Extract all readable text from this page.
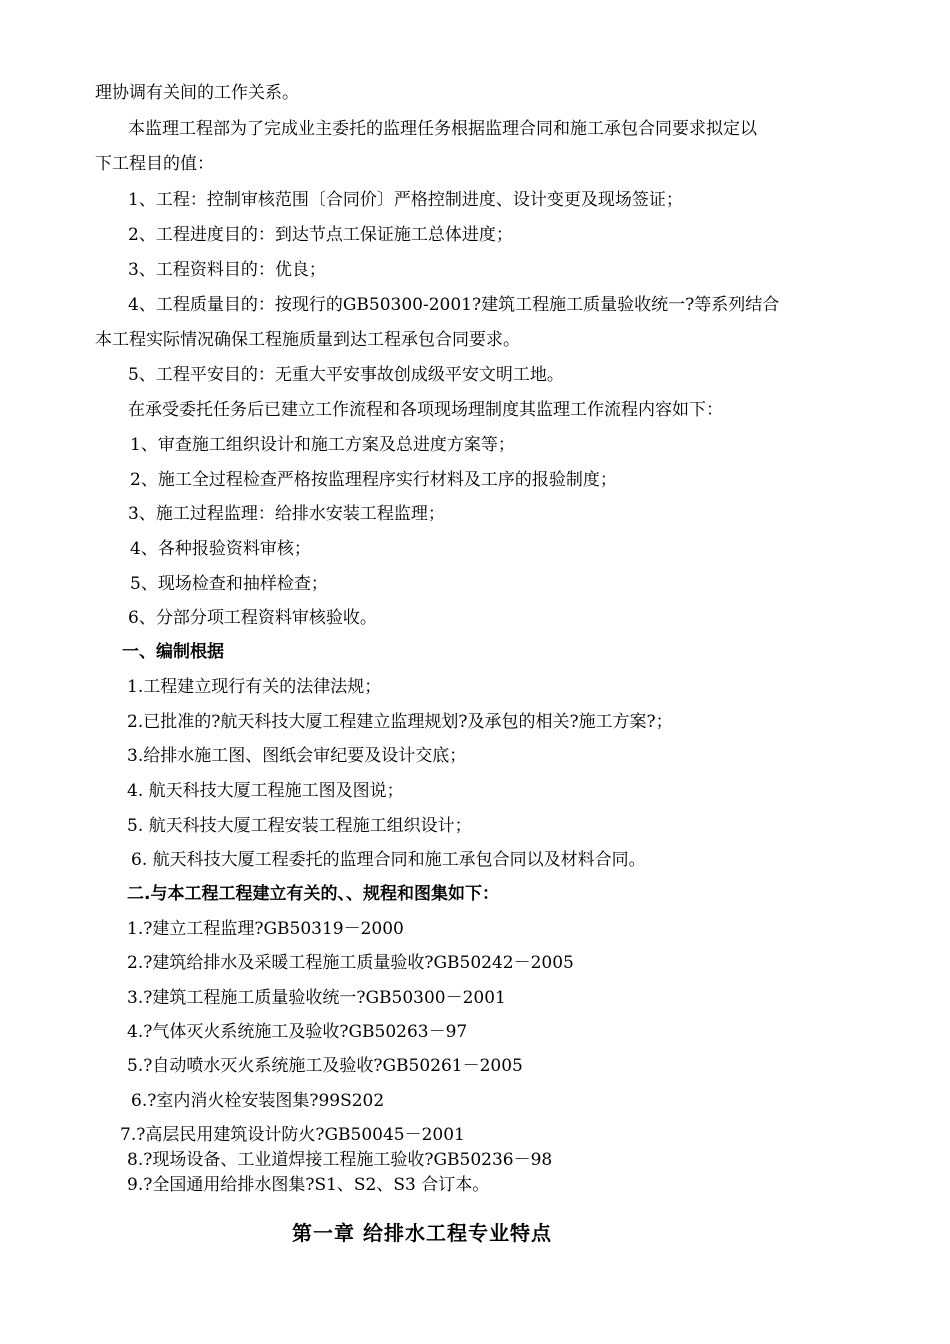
理协调有关间的工作关系。
本监理工程部为了完成业主委托的监理任务根据监理合同和施工承包合同要求拟定以
下工程目的值：
1、工程：控制审核范围〔合同价〕严格控制进度、设计变更及现场签证；
2、工程进度目的：到达节点工保证施工总体进度；
3、工程资料目的：优良；
4、工程质量目的：按现行的GB50300-2001?建筑工程施工质量验收统一?等系列结合
本工程实际情况确保工程施质量到达工程承包合同要求。
5、工程平安目的：无重大平安事故创成级平安文明工地。
在承受委托任务后已建立工作流程和各项现场理制度其监理工作流程内容如下：
1、审查施工组织设计和施工方案及总进度方案等；
2、施工全过程检查严格按监理程序实行材料及工序的报验制度；
3、施工过程监理：给排水安装工程监理；
4、各种报验资料审核；
5、现场检查和抽样检查；
6、分部分项工程资料审核验收。
一、编制根据
1.工程建立现行有关的法律法规；
2.已批准的?航天科技大厦工程建立监理规划?及承包的相关?施工方案?；
3.给排水施工图、图纸会审纪要及设计交底；
4. 航天科技大厦工程施工图及图说；
5. 航天科技大厦工程安装工程施工组织设计；
6. 航天科技大厦工程委托的监理合同和施工承包合同以及材料合同。
二.与本工程工程建立有关的、、规程和图集如下：
1.?建立工程监理?GB50319－2000
2.?建筑给排水及采暖工程施工质量验收?GB50242－2005
3.?建筑工程施工质量验收统一?GB50300－2001
4.?气体灭火系统施工及验收?GB50263－97
5.?自动喷水灭火系统施工及验收?GB50261－2005
6.?室内消火栓安装图集?99S202
7.?高层民用建筑设计防火?GB50045－2001
8.?现场设备、工业道焊接工程施工验收?GB50236－98
9.?全国通用给排水图集?S1、S2、S3 合订本。
第一章 给排水工程专业特点
